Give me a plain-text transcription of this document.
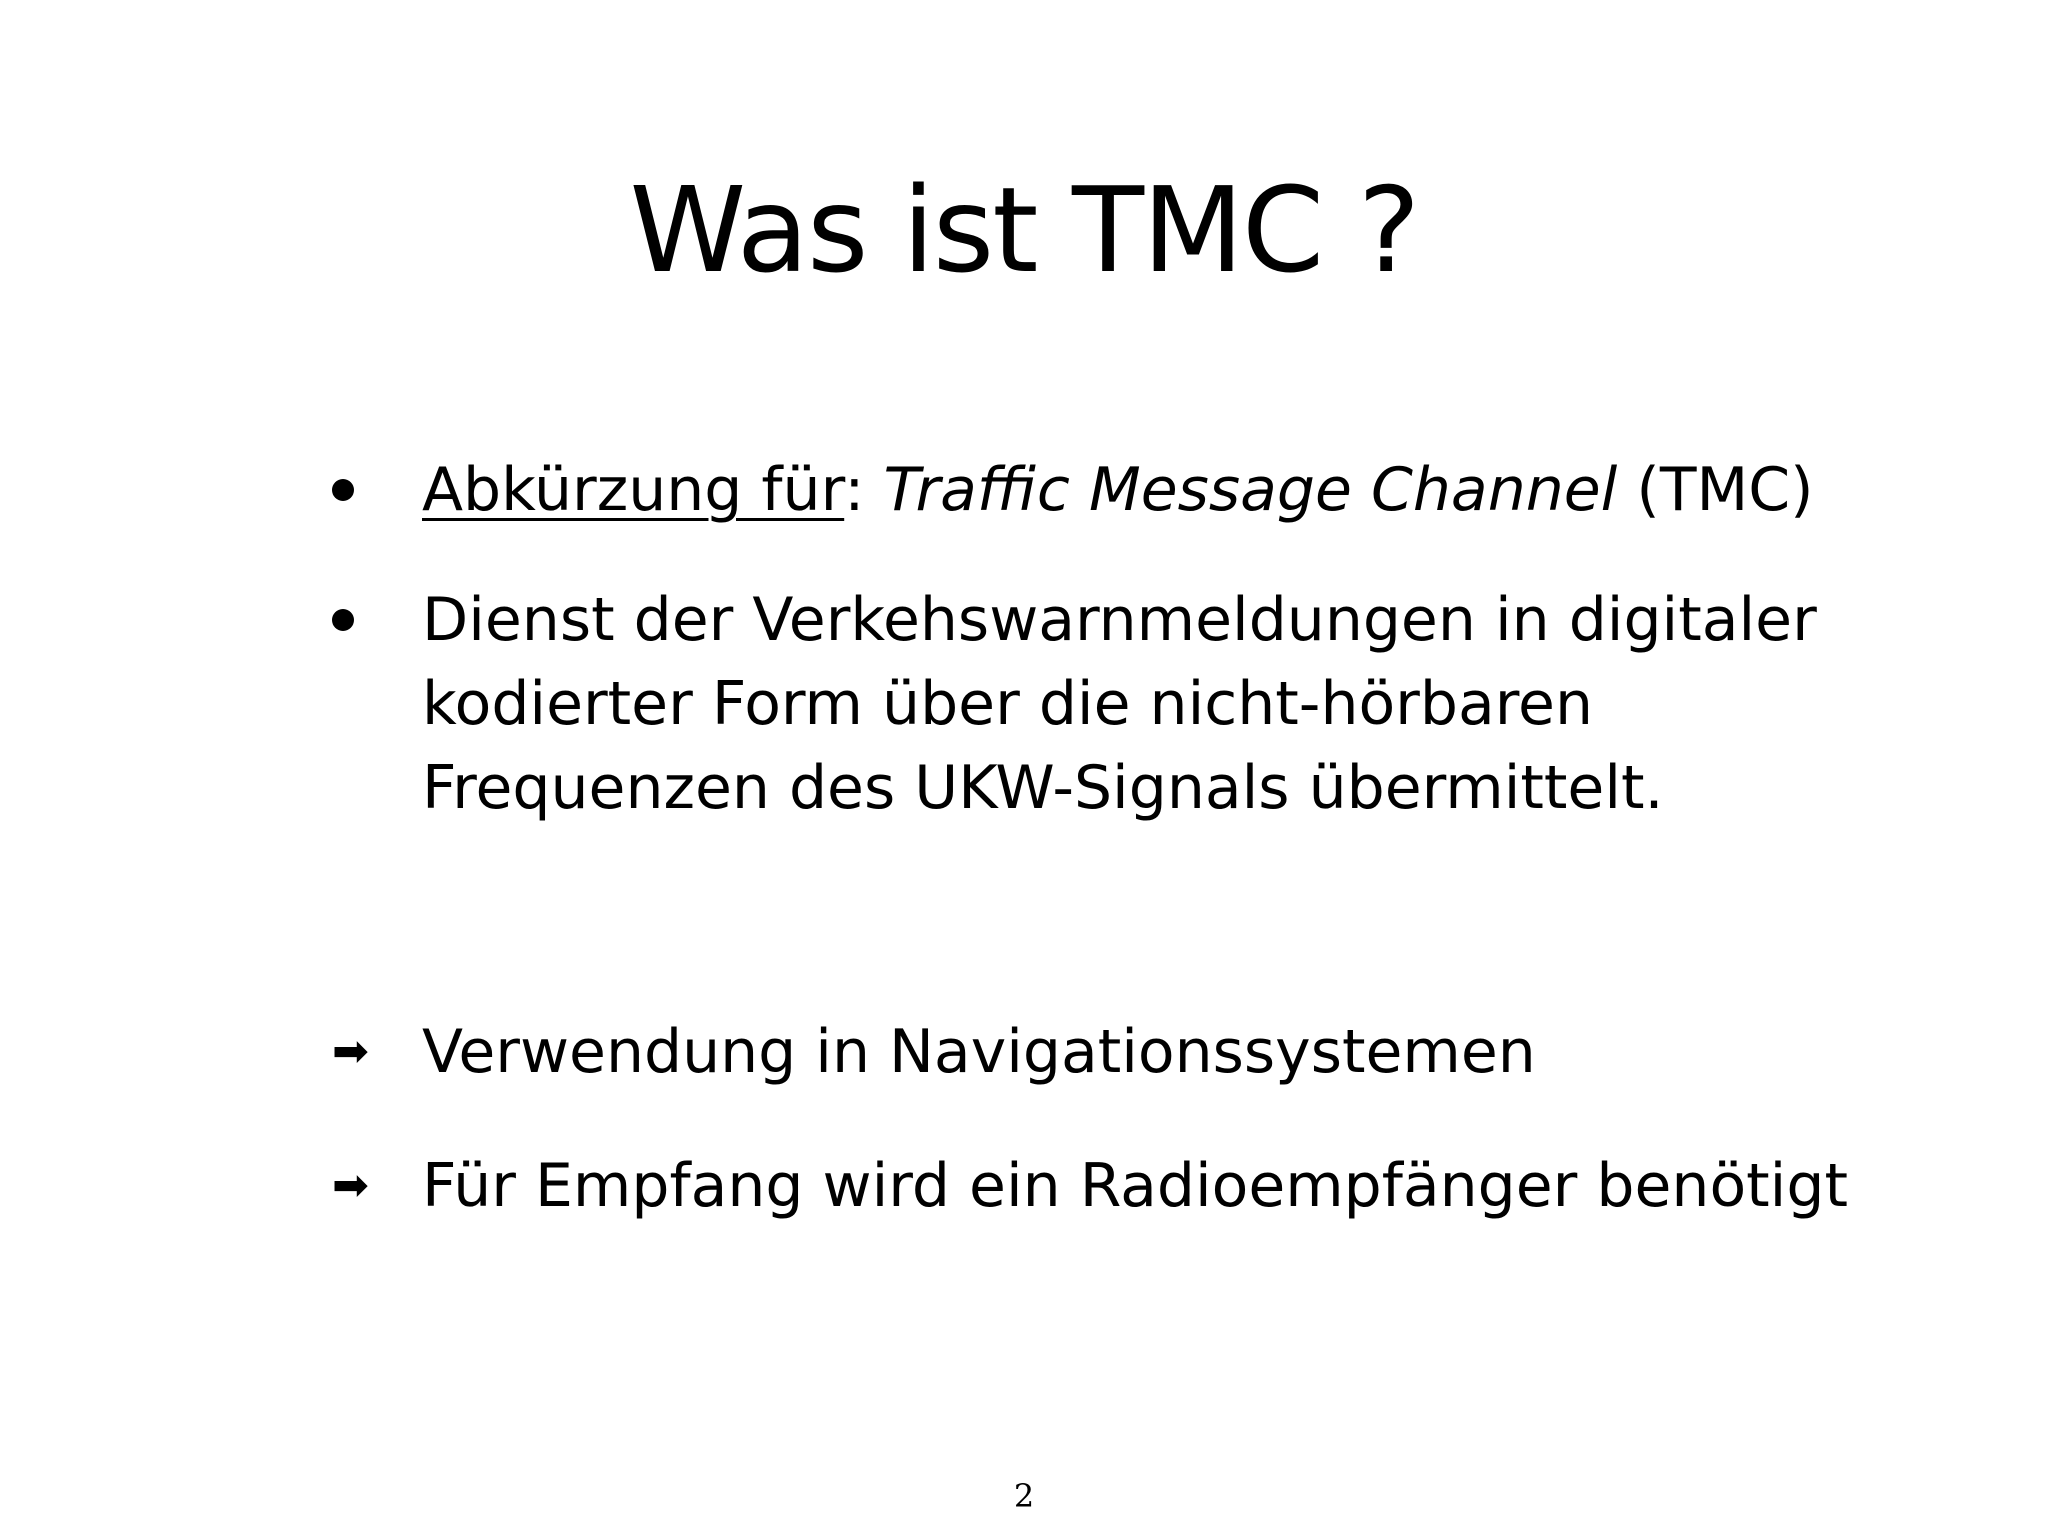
Was ist TMC ?
Abkürzung für: Traffic Message Channel (TMC)
Dienst der Verkehswarnmeldungen in digitaler
kodierter Form über die nicht-hörbaren
Frequenzen des UKW-Signals übermittelt.
➡ Verwendung in Navigationssystemen
➡ Für Empfang wird ein Radioempfänger benötigt
2
